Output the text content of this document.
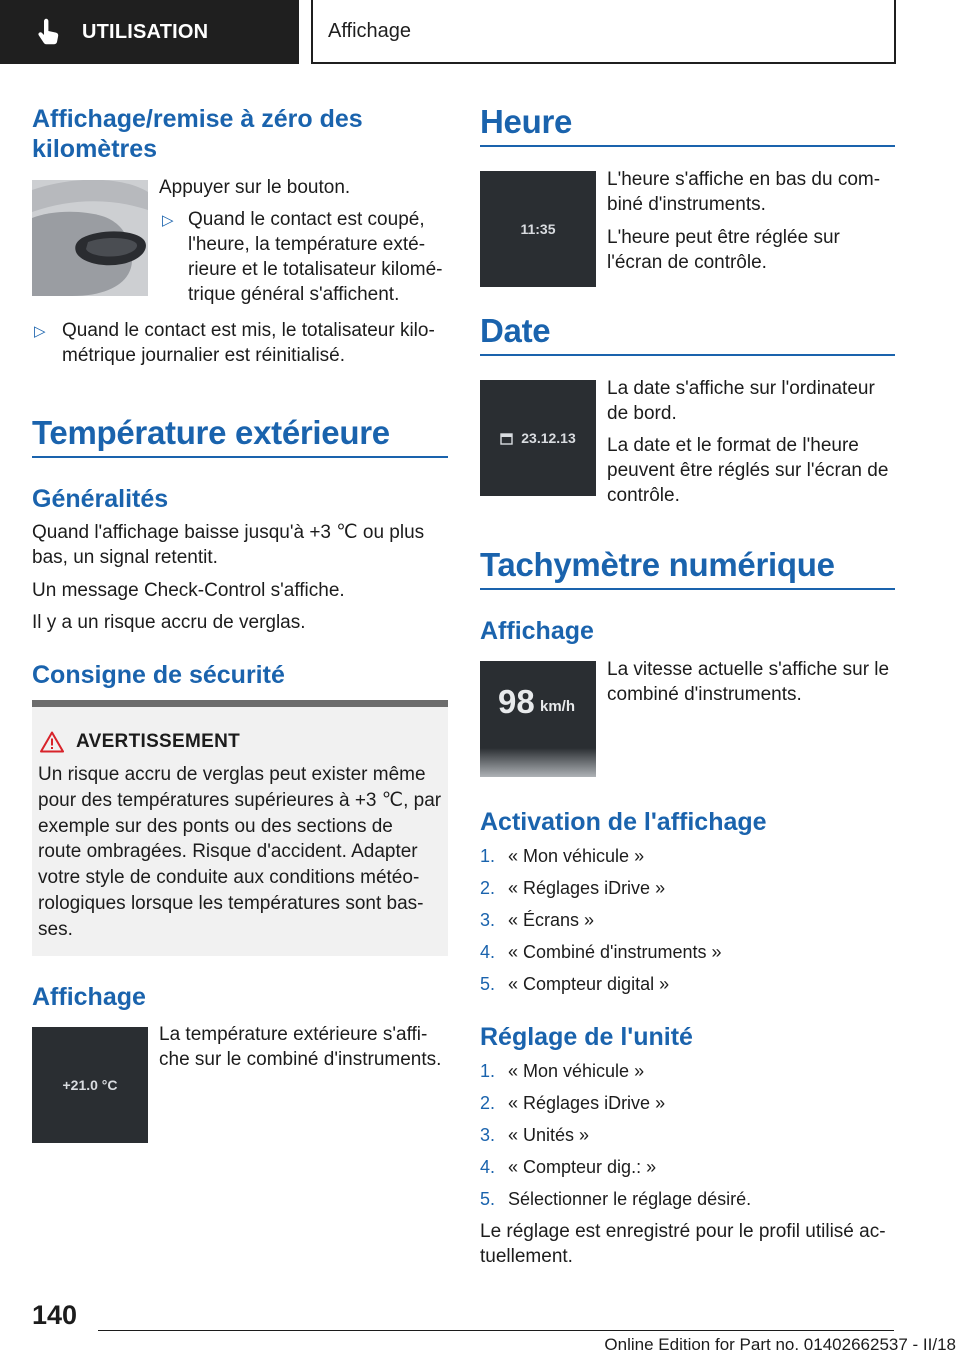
UTILISATION	Affichage
Affichage/remise à zéro des
kilomètres
Appuyer sur le bouton.
▷ Quand le contact est coupé,
l'heure, la température exté-
rieure et le totalisateur kilomé-
trique général s'affichent.
▷ Quand le contact est mis, le totalisateur kilo-
métrique journalier est réinitialisé.
Température extérieure
Généralités
Quand l'affichage baisse jusqu'à +3 ℃ ou plus
bas, un signal retentit.
Un message Check-Control s'affiche.
Il y a un risque accru de verglas.
Consigne de sécurité
AVERTISSEMENT
Un risque accru de verglas peut exister même
pour des températures supérieures à +3 ℃, par
exemple sur des ponts ou des sections de
route ombragées. Risque d'accident. Adapter
votre style de conduite aux conditions météo-
rologiques lorsque les températures sont bas-
ses.
Affichage
+21.0 °C
La température extérieure s'affi-
che sur le combiné d'instruments.
Heure
11:35
L'heure s'affiche en bas du com-
biné d'instruments.
L'heure peut être réglée sur
l'écran de contrôle.
Date
23.12.13
La date s'affiche sur l'ordinateur
de bord.
La date et le format de l'heure
peuvent être réglés sur l'écran de
contrôle.
Tachymètre numérique
Affichage
98 km/h
La vitesse actuelle s'affiche sur le
combiné d'instruments.
Activation de l'affichage
1. « Mon véhicule »
2. « Réglages iDrive »
3. « Écrans »
4. « Combiné d'instruments »
5. « Compteur digital »
Réglage de l'unité
1. « Mon véhicule »
2. « Réglages iDrive »
3. « Unités »
4. « Compteur dig.: »
5. Sélectionner le réglage désiré.
Le réglage est enregistré pour le profil utilisé ac-
tuellement.
140
Online Edition for Part no. 01402662537 - II/18
